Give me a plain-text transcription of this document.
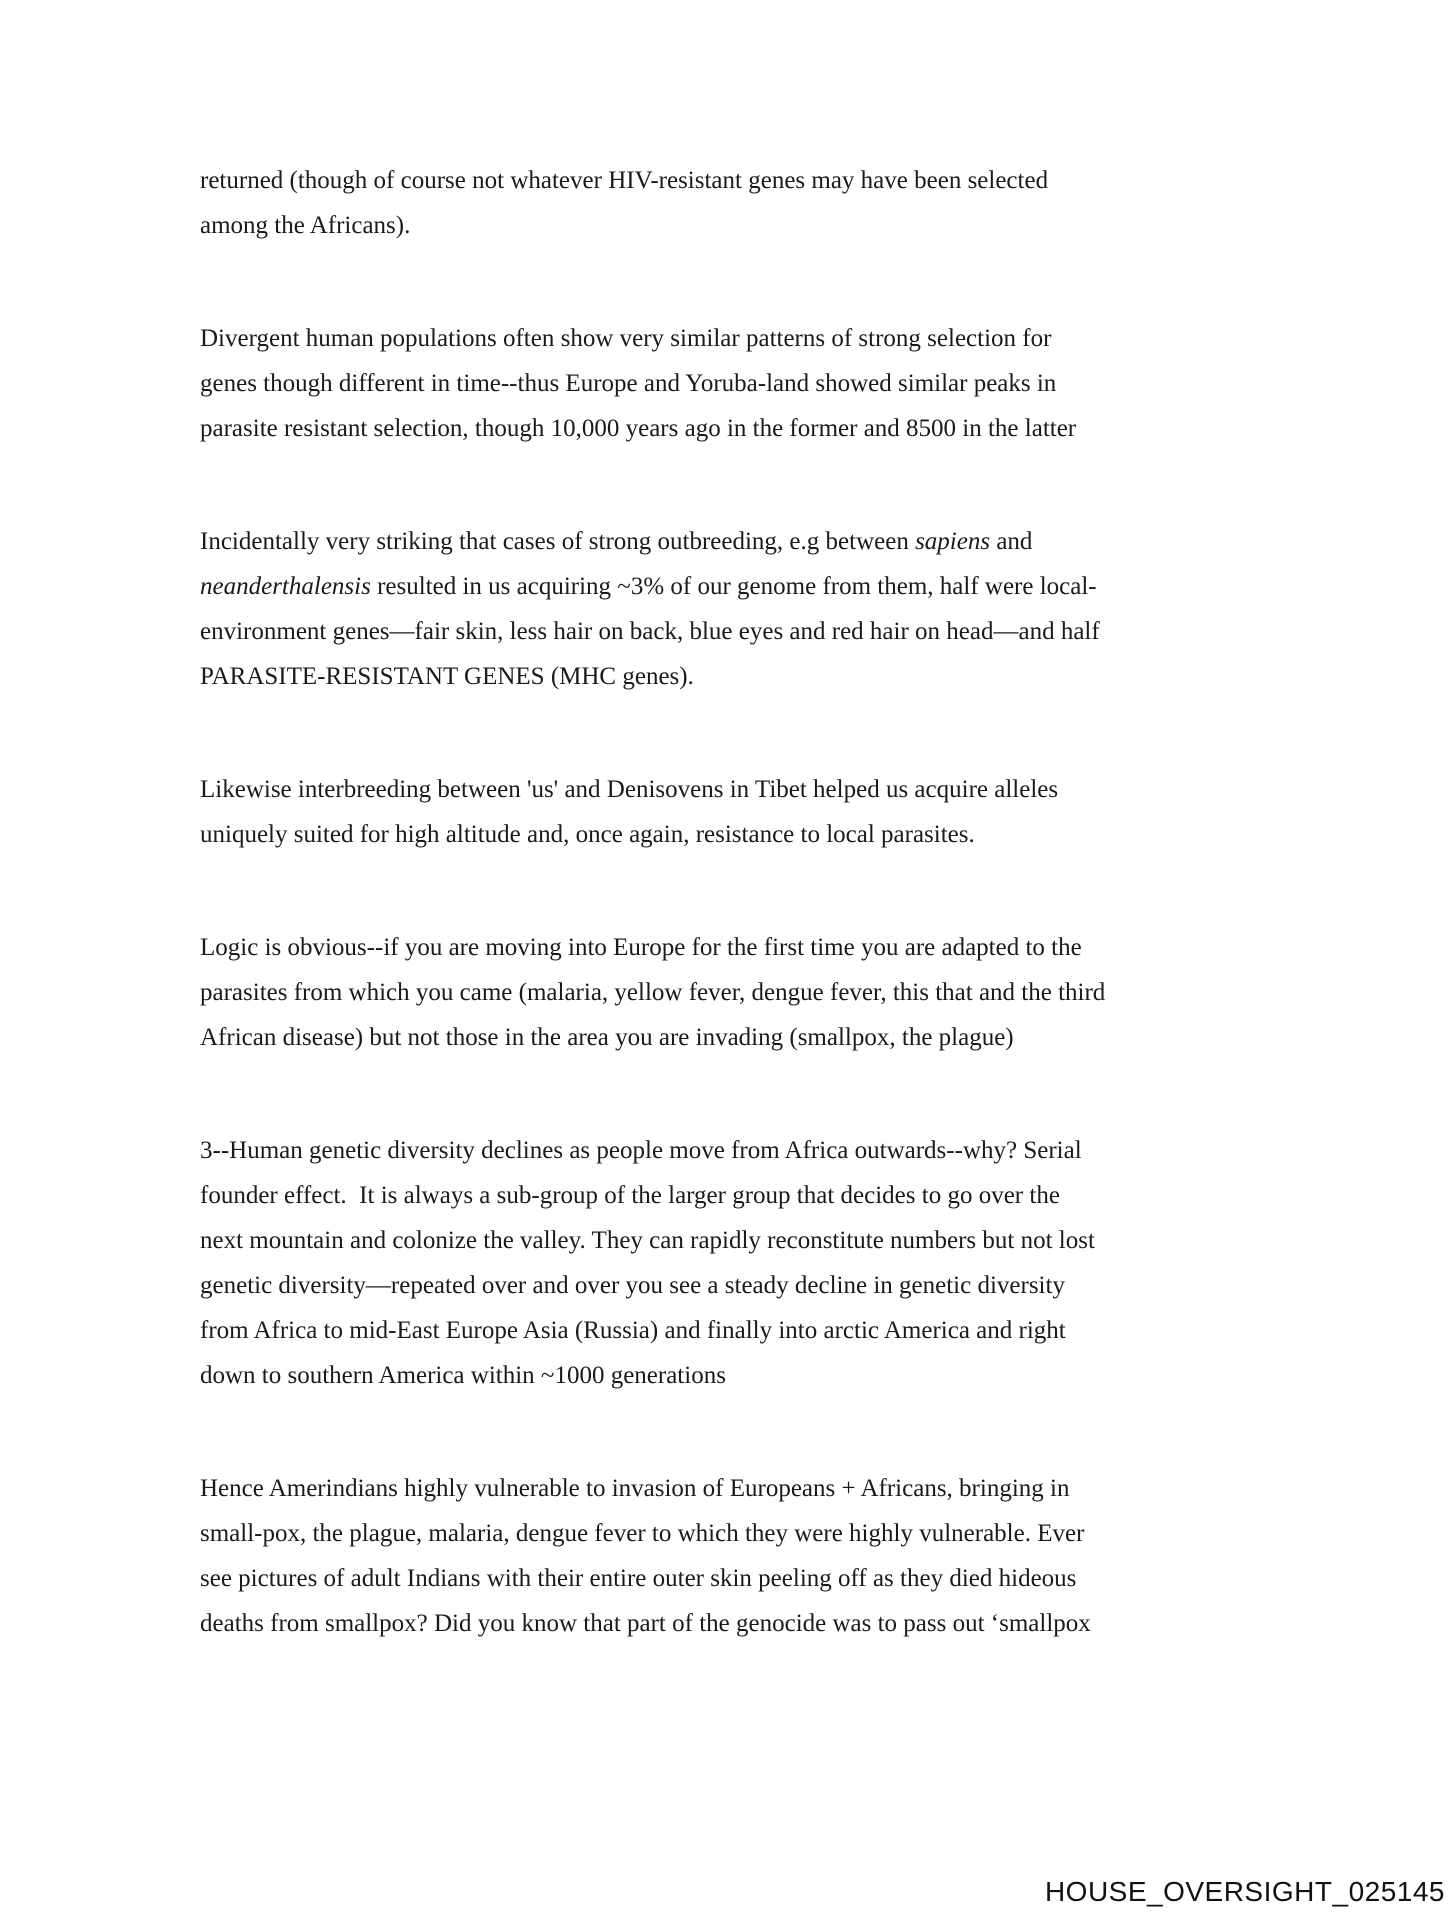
returned (though of course not whatever HIV-resistant genes may have been selected
among the Africans).

Divergent human populations often show very similar patterns of strong selection for
genes though different in time--thus Europe and Yoruba-land showed similar peaks in
parasite resistant selection, though 10,000 years ago in the former and 8500 in the latter

Incidentally very striking that cases of strong outbreeding, e.g between sapiens and
neanderthalensis resulted in us acquiring ~3% of our genome from them, half were local-
environment genes—fair skin, less hair on back, blue eyes and red hair on head—and half
PARASITE-RESISTANT GENES (MHC genes).

Likewise interbreeding between 'us' and Denisovens in Tibet helped us acquire alleles
uniquely suited for high altitude and, once again, resistance to local parasites.

Logic is obvious--if you are moving into Europe for the first time you are adapted to the
parasites from which you came (malaria, yellow fever, dengue fever, this that and the third
African disease) but not those in the area you are invading (smallpox, the plague)

3--Human genetic diversity declines as people move from Africa outwards--why? Serial
founder effect.  It is always a sub-group of the larger group that decides to go over the
next mountain and colonize the valley. They can rapidly reconstitute numbers but not lost
genetic diversity—repeated over and over you see a steady decline in genetic diversity
from Africa to mid-East Europe Asia (Russia) and finally into arctic America and right
down to southern America within ~1000 generations

Hence Amerindians highly vulnerable to invasion of Europeans + Africans, bringing in
small-pox, the plague, malaria, dengue fever to which they were highly vulnerable. Ever
see pictures of adult Indians with their entire outer skin peeling off as they died hideous
deaths from smallpox? Did you know that part of the genocide was to pass out ‘smallpox

HOUSE_OVERSIGHT_025145
